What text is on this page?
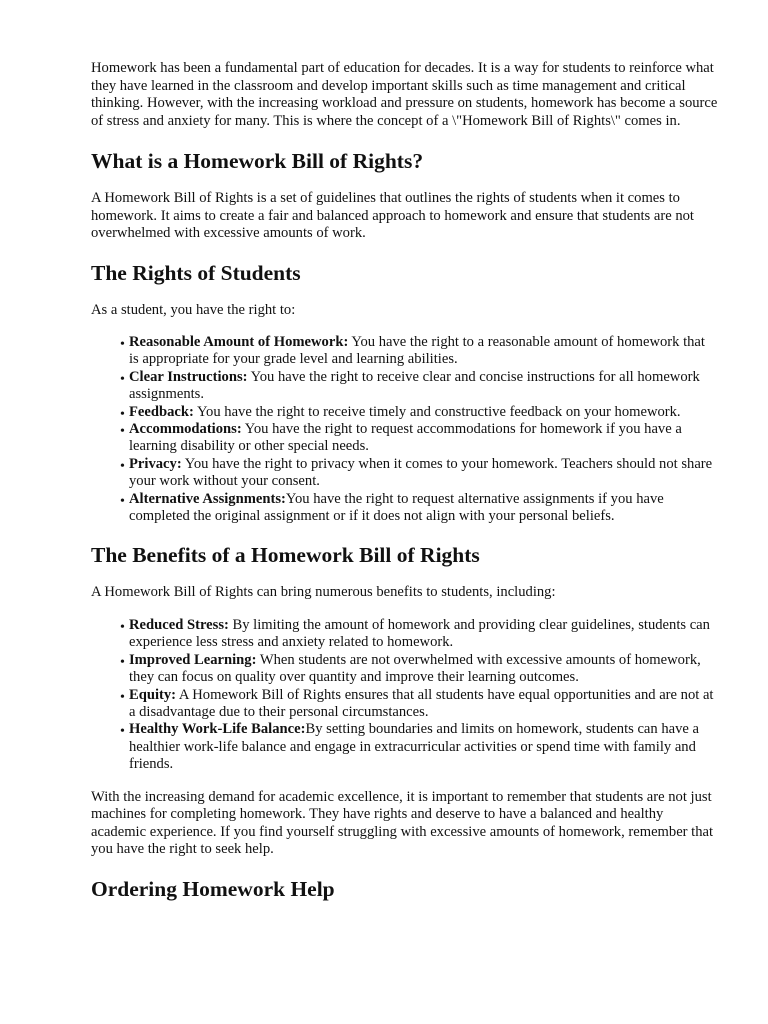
Homework has been a fundamental part of education for decades. It is a way for students to reinforce what they have learned in the classroom and develop important skills such as time management and critical thinking. However, with the increasing workload and pressure on students, homework has become a source of stress and anxiety for many. This is where the concept of a \"Homework Bill of Rights\" comes in.

What is a Homework Bill of Rights?

A Homework Bill of Rights is a set of guidelines that outlines the rights of students when it comes to homework. It aims to create a fair and balanced approach to homework and ensure that students are not overwhelmed with excessive amounts of work.

The Rights of Students

As a student, you have the right to:

• Reasonable Amount of Homework: You have the right to a reasonable amount of homework that is appropriate for your grade level and learning abilities.
• Clear Instructions: You have the right to receive clear and concise instructions for all homework assignments.
• Feedback: You have the right to receive timely and constructive feedback on your homework.
• Accommodations: You have the right to request accommodations for homework if you have a learning disability or other special needs.
• Privacy: You have the right to privacy when it comes to your homework. Teachers should not share your work without your consent.
• Alternative Assignments:You have the right to request alternative assignments if you have completed the original assignment or if it does not align with your personal beliefs.
The Benefits of a Homework Bill of Rights

A Homework Bill of Rights can bring numerous benefits to students, including:

• Reduced Stress: By limiting the amount of homework and providing clear guidelines, students can experience less stress and anxiety related to homework.
• Improved Learning: When students are not overwhelmed with excessive amounts of homework, they can focus on quality over quantity and improve their learning outcomes.
• Equity: A Homework Bill of Rights ensures that all students have equal opportunities and are not at a disadvantage due to their personal circumstances.
• Healthy Work-Life Balance:By setting boundaries and limits on homework, students can have a healthier work-life balance and engage in extracurricular activities or spend time with family and friends.

With the increasing demand for academic excellence, it is important to remember that students are not just machines for completing homework. They have rights and deserve to have a balanced and healthy academic experience. If you find yourself struggling with excessive amounts of homework, remember that you have the right to seek help.

Ordering Homework Help
